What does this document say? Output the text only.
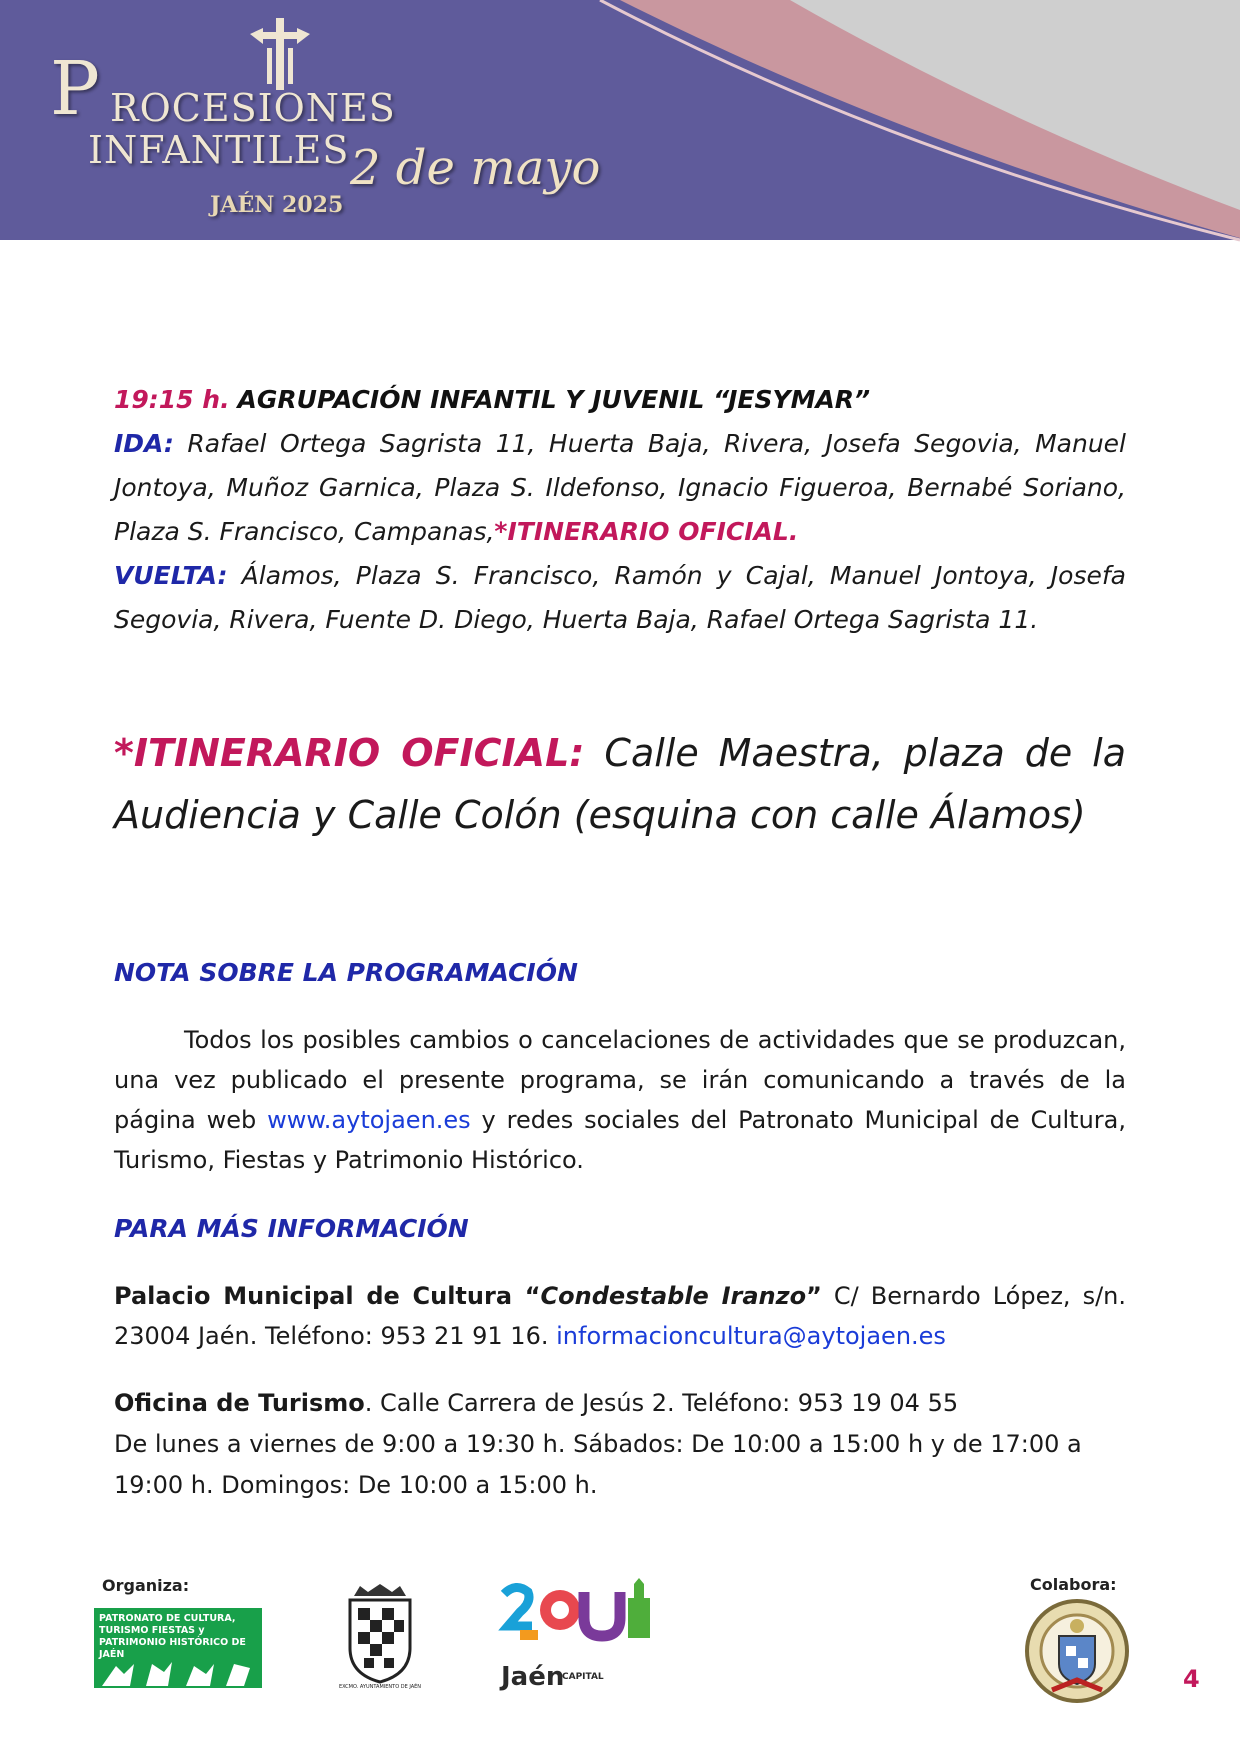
P ROCESIONES
INFANTILES
JAÉN 2025
2 de mayo
19:15 h. AGRUPACIÓN INFANTIL Y JUVENIL “JESYMAR”
IDA: Rafael Ortega Sagrista 11, Huerta Baja, Rivera, Josefa Segovia, Manuel Jontoya, Muñoz Garnica, Plaza S. Ildefonso, Ignacio Figueroa, Bernabé Soriano, Plaza S. Francisco, Campanas,*ITINERARIO OFICIAL.
VUELTA: Álamos, Plaza S. Francisco, Ramón y Cajal, Manuel Jontoya, Josefa Segovia, Rivera, Fuente D. Diego, Huerta Baja, Rafael Ortega Sagrista 11.
*ITINERARIO OFICIAL: Calle Maestra, plaza de la Audiencia y Calle Colón (esquina con calle Álamos)
NOTA SOBRE LA PROGRAMACIÓN
Todos los posibles cambios o cancelaciones de actividades que se produzcan, una vez publicado el presente programa, se irán comunicando a través de la página web www.aytojaen.es y redes sociales del Patronato Municipal de Cultura, Turismo, Fiestas y Patrimonio Histórico.
PARA MÁS INFORMACIÓN
Palacio Municipal de Cultura “Condestable Iranzo” C/ Bernardo López, s/n. 23004 Jaén. Teléfono: 953 21 91 16. informacioncultura@aytojaen.es
Oficina de Turismo. Calle Carrera de Jesús 2. Teléfono: 953 19 04 55
De lunes a viernes de 9:00 a 19:30 h. Sábados: De 10:00 a 15:00 h y de 17:00 a 19:00 h. Domingos: De 10:00 a 15:00 h.
Organiza:	Colabora:
PATRONATO DE CULTURA, TURISMO FIESTAS y PATRIMONIO HISTÓRICO DE JAÉN
EXCMO. AYUNTAMIENTO DE JAÉN	Jaén
CAPITAL	4
